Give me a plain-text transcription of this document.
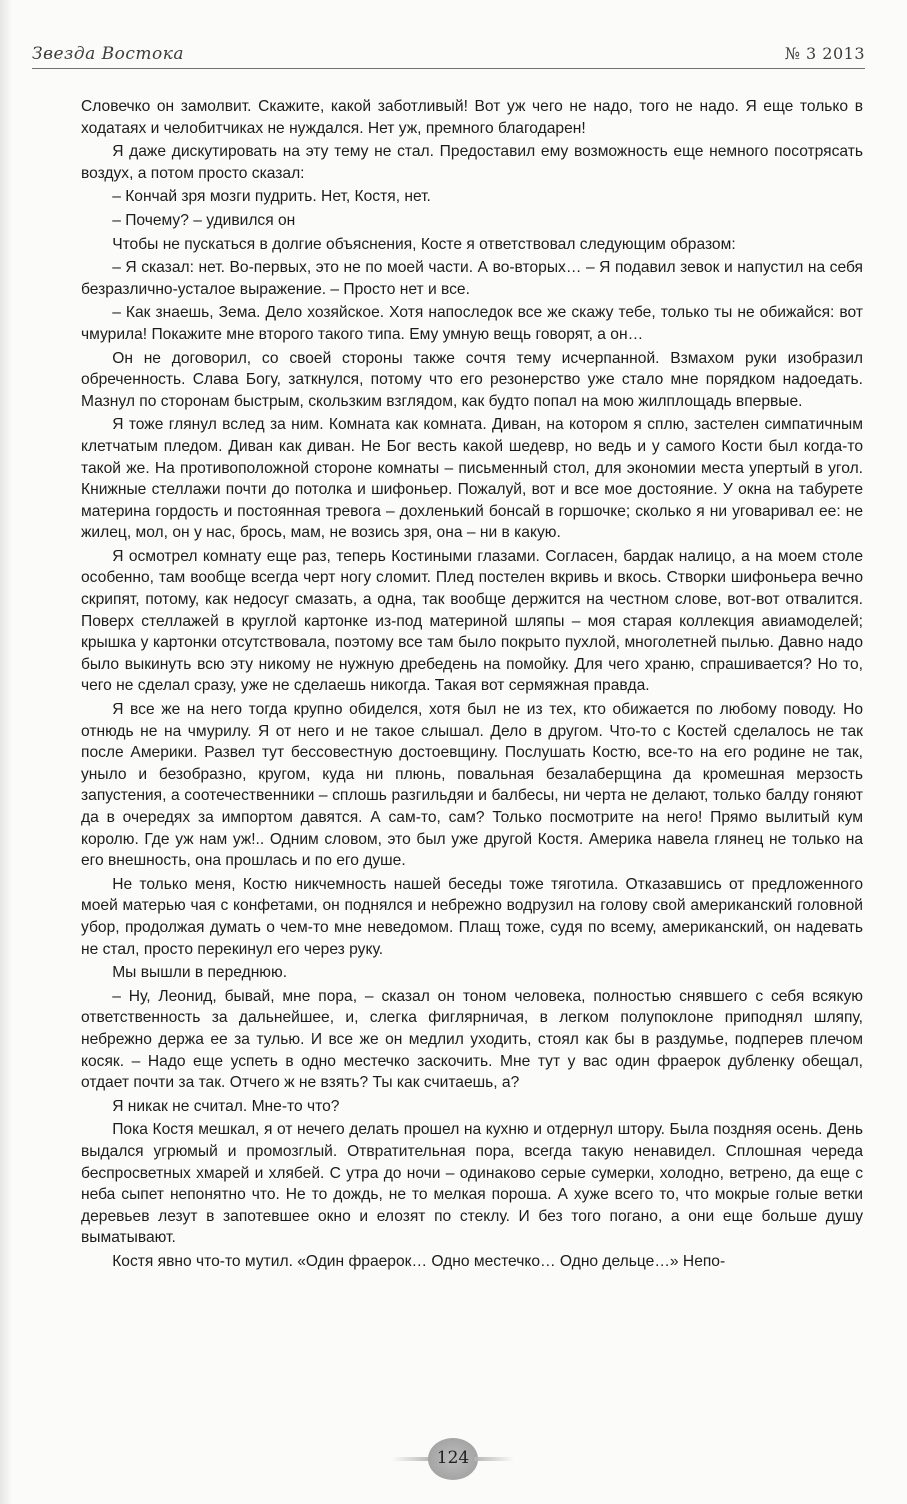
Звезда Востока	№ 3 2013

Словечко он замолвит. Скажите, какой заботливый! Вот уж чего не надо, того не надо. Я еще только в ходатаях и челобитчиках не нуждался. Нет уж, премного благодарен!

Я даже дискутировать на эту тему не стал. Предоставил ему возможность еще немного посотрясать воздух, а потом просто сказал:

– Кончай зря мозги пудрить. Нет, Костя, нет.

– Почему? – удивился он

Чтобы не пускаться в долгие объяснения, Косте я ответствовал следующим образом:

– Я сказал: нет. Во-первых, это не по моей части. А во-вторых… – Я подавил зевок и напустил на себя безразлично-усталое выражение. – Просто нет и все.

– Как знаешь, Зема. Дело хозяйское. Хотя напоследок все же скажу тебе, только ты не обижайся: вот чмурила! Покажите мне второго такого типа. Ему умную вещь говорят, а он…

Он не договорил, со своей стороны также сочтя тему исчерпанной. Взмахом руки изобразил обреченность. Слава Богу, заткнулся, потому что его резонерство уже стало мне порядком надоедать. Мазнул по сторонам быстрым, скользким взглядом, как будто попал на мою жилплощадь впервые.

Я тоже глянул вслед за ним. Комната как комната. Диван, на котором я сплю, застелен симпатичным клетчатым пледом. Диван как диван. Не Бог весть какой шедевр, но ведь и у самого Кости был когда-то такой же. На противоположной стороне комнаты – письменный стол, для экономии места упертый в угол. Книжные стеллажи почти до потолка и шифоньер. Пожалуй, вот и все мое достояние. У окна на табурете материна гордость и постоянная тревога – дохленький бонсай в горшочке; сколько я ни уговаривал ее: не жилец, мол, он у нас, брось, мам, не возись зря, она – ни в какую.

Я осмотрел комнату еще раз, теперь Костиными глазами. Согласен, бардак налицо, а на моем столе особенно, там вообще всегда черт ногу сломит. Плед постелен вкривь и вкось. Створки шифоньера вечно скрипят, потому, как недосуг смазать, а одна, так вообще держится на честном слове, вот-вот отвалится. Поверх стеллажей в круглой картонке из-под материной шляпы – моя старая коллекция авиамоделей; крышка у картонки отсутствовала, поэтому все там было покрыто пухлой, многолетней пылью. Давно надо было выкинуть всю эту никому не нужную дребедень на помойку. Для чего храню, спрашивается? Но то, чего не сделал сразу, уже не сделаешь никогда. Такая вот сермяжная правда.

Я все же на него тогда крупно обиделся, хотя был не из тех, кто обижается по любому поводу. Но отнюдь не на чмурилу. Я от него и не такое слышал. Дело в другом. Что-то с Костей сделалось не так после Америки. Развел тут бессовестную достоевщину. Послушать Костю, все-то на его родине не так, уныло и безобразно, кругом, куда ни плюнь, повальная безалаберщина да кромешная мерзость запустения, а соотечественники – сплошь разгильдяи и балбесы, ни черта не делают, только балду гоняют да в очередях за импортом давятся. А сам-то, сам? Только посмотрите на него! Прямо вылитый кум королю. Где уж нам уж!.. Одним словом, это был уже другой Костя. Америка навела глянец не только на его внешность, она прошлась и по его душе.

Не только меня, Костю никчемность нашей беседы тоже тяготила. Отказавшись от предложенного моей матерью чая с конфетами, он поднялся и небрежно водрузил на голову свой американский головной убор, продолжая думать о чем-то мне неведомом. Плащ тоже, судя по всему, американский, он надевать не стал, просто перекинул его через руку.

Мы вышли в переднюю.

– Ну, Леонид, бывай, мне пора, – сказал он тоном человека, полностью снявшего с себя всякую ответственность за дальнейшее, и, слегка фиглярничая, в легком полупоклоне приподнял шляпу, небрежно держа ее за тулью. И все же он медлил уходить, стоял как бы в раздумье, подперев плечом косяк. – Надо еще успеть в одно местечко заскочить. Мне тут у вас один фраерок дубленку обещал, отдает почти за так. Отчего ж не взять? Ты как считаешь, а?

Я никак не считал. Мне-то что?

Пока Костя мешкал, я от нечего делать прошел на кухню и отдернул штору. Была поздняя осень. День выдался угрюмый и промозглый. Отвратительная пора, всегда такую ненавидел. Сплошная череда беспросветных хмарей и хлябей. С утра до ночи – одинаково серые сумерки, холодно, ветрено, да еще с неба сыпет непонятно что. Не то дождь, не то мелкая пороша. А хуже всего то, что мокрые голые ветки деревьев лезут в запотевшее окно и елозят по стеклу. И без того погано, а они еще больше душу выматывают.

Костя явно что-то мутил. «Один фраерок… Одно местечко… Одно дельце…» Непо-

124
